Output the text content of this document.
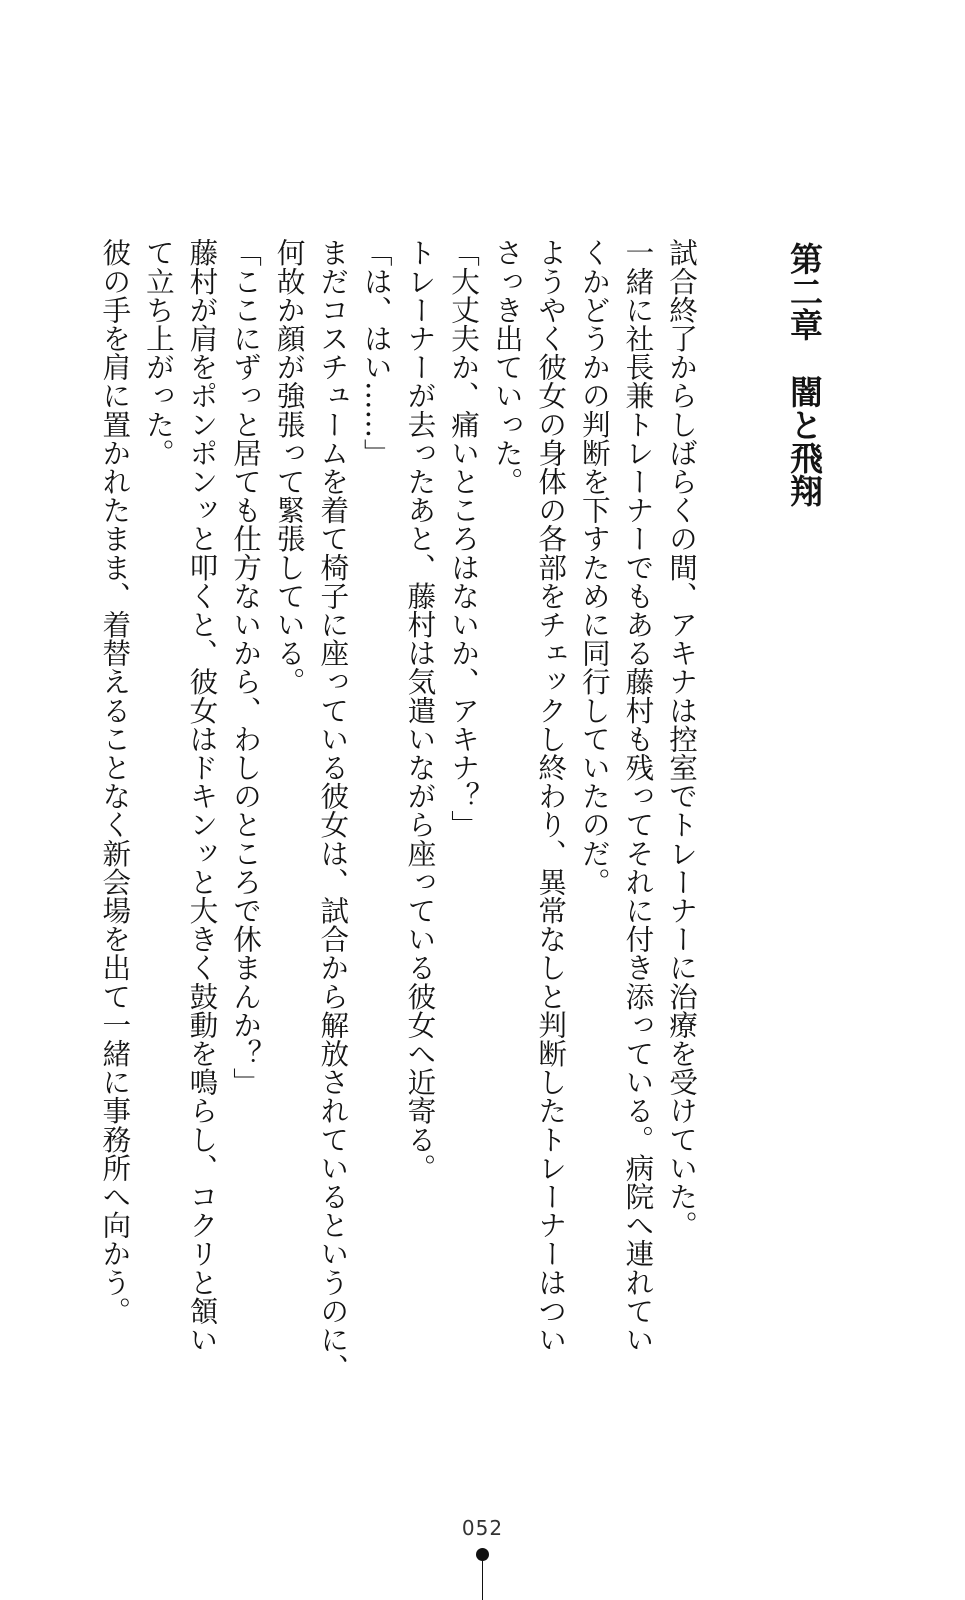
第二章闇と飛翔

試合終了からしばらくの間、アキナは控室でトレーナーに治療を受けていた。

一緒に社長兼トレーナーでもある藤村も残ってそれに付き添っている。病院へ連れてい

くかどうかの判断を下すために同行していたのだ。

ようやく彼女の身体の各部をチェックし終わり、異常なしと判断したトレーナーはつい

さっき出ていった。

「大丈夫か、痛いところはないか、アキナ？」

トレーナーが去ったあと、藤村は気遣いながら座っている彼女へ近寄る。

「は、はい……」

まだコスチュームを着て椅子に座っている彼女は、試合から解放されているというのに、

何故か顔が強張って緊張している。

「ここにずっと居ても仕方ないから、わしのところで休まんか？」

藤村が肩をポンポンッと叩くと、彼女はドキンッと大きく鼓動を鳴らし、コクリと頷い

て立ち上がった。

彼の手を肩に置かれたまま、着替えることなく新会場を出て一緒に事務所へ向かう。

052
